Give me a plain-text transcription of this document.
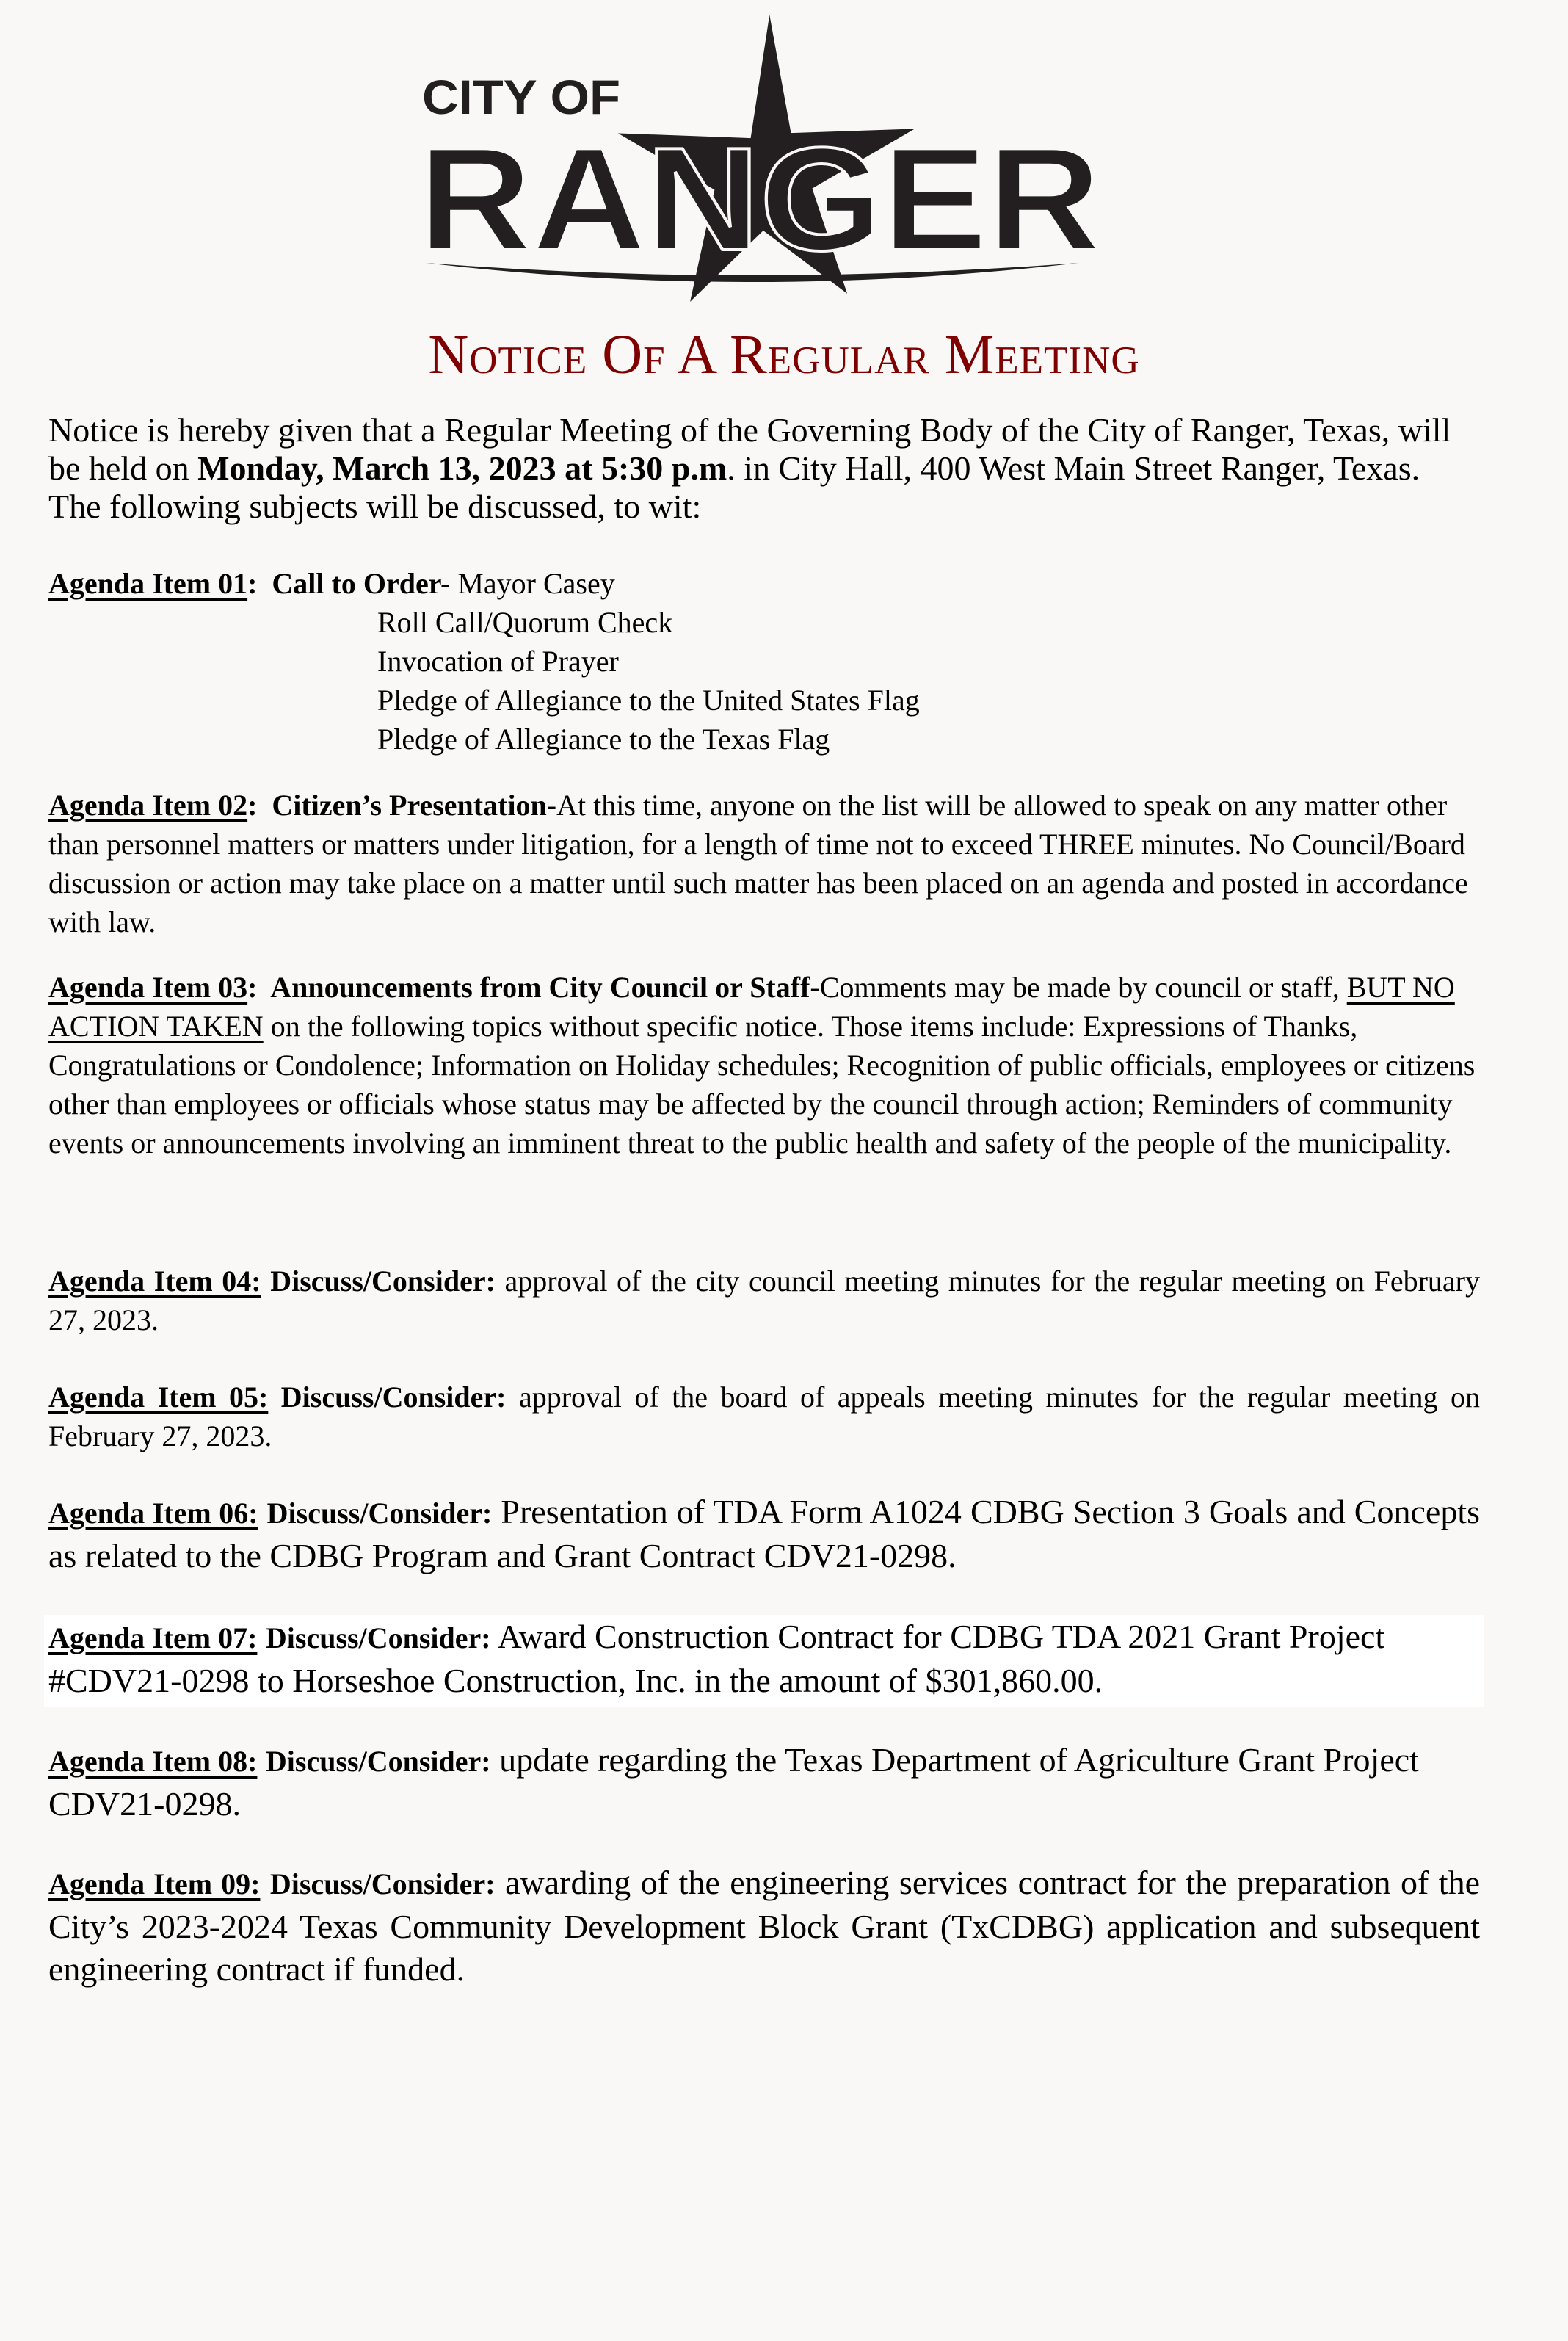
CITY OF
RANGER
Notice Of A Regular Meeting

Notice is hereby given that a Regular Meeting of the Governing Body of the City of Ranger, Texas, will be held on Monday, March 13, 2023 at 5:30 p.m. in City Hall, 400 West Main Street Ranger, Texas. The following subjects will be discussed, to wit:

Agenda Item 01:  Call to Order- Mayor Casey

Roll Call/Quorum Check

Invocation of Prayer

Pledge of Allegiance to the United States Flag

Pledge of Allegiance to the Texas Flag

Agenda Item 02:  Citizen’s Presentation-At this time, anyone on the list will be allowed to speak on any matter other than personnel matters or matters under litigation, for a length of time not to exceed THREE minutes. No Council/Board discussion or action may take place on a matter until such matter has been placed on an agenda and posted in accordance with law.

Agenda Item 03:  Announcements from City Council or Staff-Comments may be made by council or staff, BUT NO ACTION TAKEN on the following topics without specific notice. Those items include: Expressions of Thanks, Congratulations or Condolence; Information on Holiday schedules; Recognition of public officials, employees or citizens other than employees or officials whose status may be affected by the council through action; Reminders of community events or announcements involving an imminent threat to the public health and safety of the people of the municipality.

Agenda Item 04: Discuss/Consider: approval of the city council meeting minutes for the regular meeting on February 27, 2023.

Agenda Item 05: Discuss/Consider: approval of the board of appeals meeting minutes for the regular meeting on February 27, 2023.

Agenda Item 06: Discuss/Consider: Presentation of TDA Form A1024 CDBG Section 3 Goals and Concepts as related to the CDBG Program and Grant Contract CDV21-0298.

Agenda Item 07: Discuss/Consider: Award Construction Contract for CDBG TDA 2021 Grant Project #CDV21-0298 to Horseshoe Construction, Inc. in the amount of $301,860.00.

Agenda Item 08: Discuss/Consider: update regarding the Texas Department of Agriculture Grant Project CDV21-0298.

Agenda Item 09: Discuss/Consider: awarding of the engineering services contract for the preparation of the City’s 2023-2024 Texas Community Development Block Grant (TxCDBG) application and subsequent engineering contract if funded.
